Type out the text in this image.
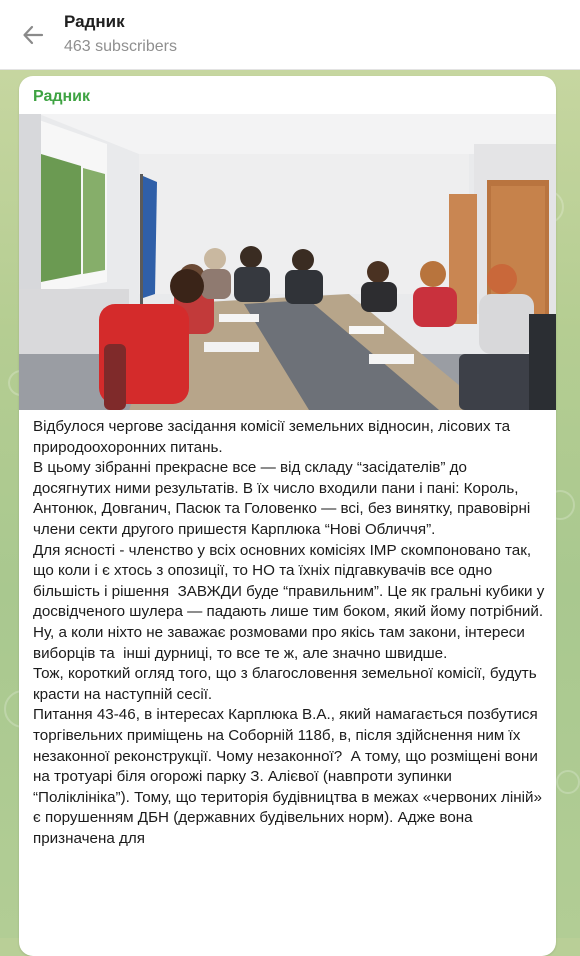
Радник
463 subscribers
Радник

Відбулося чергове засідання комісії земельних відносин, лісових та природоохоронних питань.
В цьому зібранні прекрасне все — від складу “засідателів” до досягнутих ними результатів. В їх число входили пани і пані: Король, Антонюк, Довганич, Пасюк та Головенко — всі, без винятку, правовірні члени секти другого пришестя Карплюка “Нові Обличчя”.
Для ясності - членство у всіх основних комісіях ІМР скомпоновано так, що коли і є хтось з опозиції, то НО та їхніх підгавкувачів все одно  більшість і рішення  ЗАВЖДИ буде “правильним”. Це як гральні кубики у досвідченого шулера — падають лише тим боком, який йому потрібний.
Ну, а коли ніхто не заважає розмовами про якісь там закони, інтереси виборців та  інші дурниці, то все те ж, але значно швидше.
Тож, короткий огляд того, що з благословення земельної комісії, будуть красти на наступній сесії.
Питання 43-46, в інтересах Карплюка В.А., який намагається позбутися торгівельних приміщень на Соборній 118б, в, після здійснення ним їх незаконної реконструкції. Чому незаконної?  А тому, що розміщені вони на тротуарі біля огорожі парку З. Алієвої (навпроти зупинки “Поліклініка”). Тому, що територія будівництва в межах «червоних ліній» є порушенням ДБН (державних будівельних норм). Адже вона призначена для
